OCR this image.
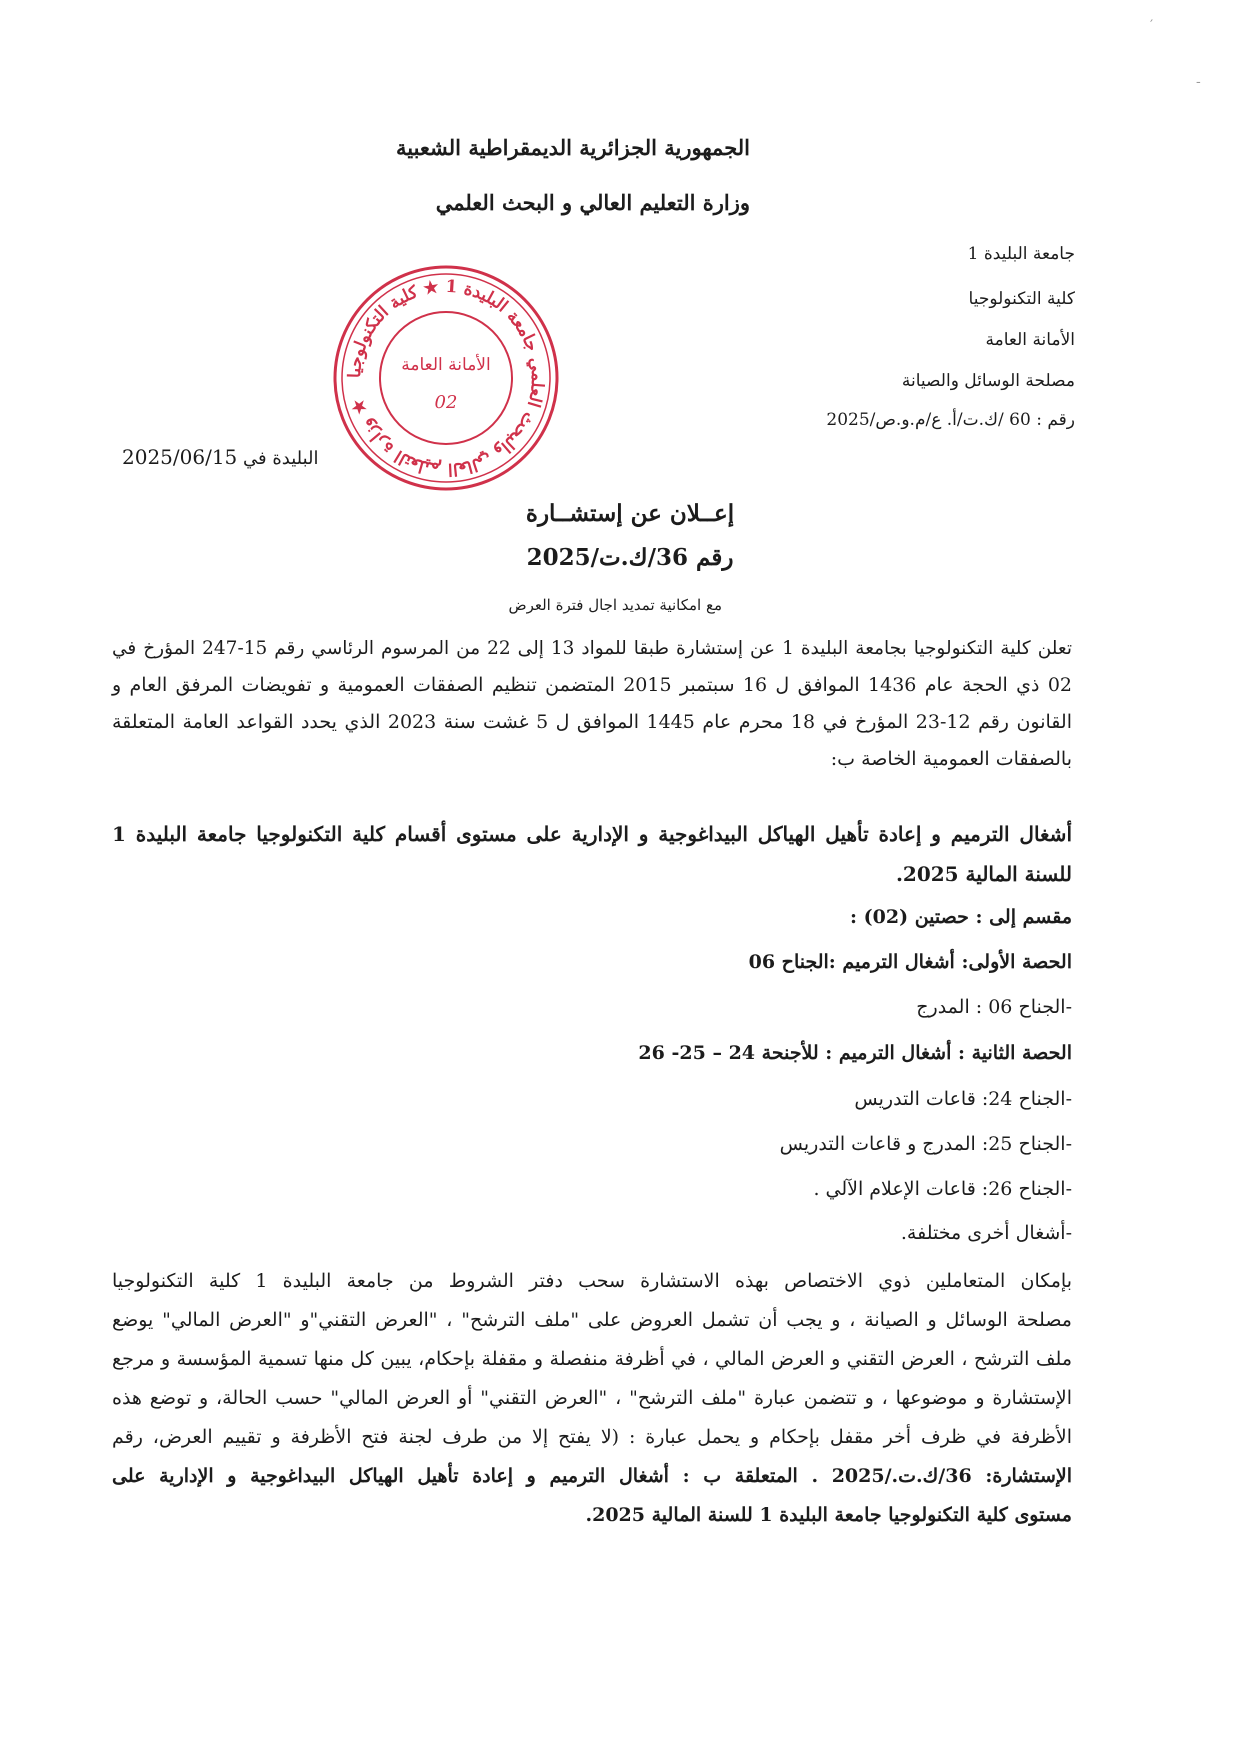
′
-
الجمهورية الجزائرية الديمقراطية الشعبية
وزارة التعليم العالي و البحث العلمي
جامعة البليدة 1
كلية التكنولوجيا
الأمانة العامة
مصلحة الوسائل والصيانة
رقم : 60 /ك.ت/أ. ع/م.و.ص/2025
البليدة في 2025/06/15
وزارة التعليم العالي والبحث العلمي جامعة البليدة 1 ★ كلية التكنولوجيا ★
الأمانة العامة
02
إعــلان عن إستشــارة
رقم 36/ك.ت/2025
مع امكانية تمديد اجال فترة العرض
تعلن كلية التكنولوجيا بجامعة البليدة 1 عن إستشارة طبقا للمواد 13 إلى 22 من المرسوم الرئاسي رقم 15-247 المؤرخ في
02 ذي الحجة عام 1436 الموافق ل 16 سبتمبر 2015 المتضمن تنظيم الصفقات العمومية و تفويضات المرفق العام و
القانون رقم 12-23 المؤرخ في 18 محرم عام 1445 الموافق ل 5 غشت سنة 2023 الذي يحدد القواعد العامة المتعلقة
بالصفقات العمومية الخاصة ب:
أشغال الترميم و إعادة تأهيل الهياكل البيداغوجية و الإدارية على مستوى أقسام كلية التكنولوجيا جامعة البليدة 1
للسنة المالية 2025.
مقسم إلى : حصتين (02) :
الحصة الأولى: أشغال الترميم :الجناح 06
-الجناح 06 : المدرج
الحصة الثانية : أشغال الترميم : للأجنحة 24 – 25- 26
-الجناح 24: قاعات التدريس
-الجناح 25: المدرج و قاعات التدريس
-الجناح 26: قاعات الإعلام الآلي .
-أشغال أخرى مختلفة.
بإمكان المتعاملين ذوي الاختصاص بهذه الاستشارة سحب دفتر الشروط من جامعة البليدة 1 كلية التكنولوجيا
مصلحة الوسائل و الصيانة ، و يجب أن تشمل العروض على "ملف الترشح" ، "العرض التقني"و "العرض المالي" يوضع
ملف الترشح ، العرض التقني و العرض المالي ، في أظرفة منفصلة و مقفلة بإحكام، يبين كل منها تسمية المؤسسة و مرجع
الإستشارة و موضوعها ، و تتضمن عبارة "ملف الترشح" ، "العرض التقني" أو العرض المالي" حسب الحالة، و توضع هذه
الأظرفة في ظرف أخر مقفل بإحكام و يحمل عبارة : (لا يفتح إلا من طرف لجنة فتح الأظرفة و تقييم العرض، رقم
الإستشارة: 36/ك.ت./2025 . المتعلقة ب : أشغال الترميم و إعادة تأهيل الهياكل البيداغوجية و الإدارية على
مستوى كلية التكنولوجيا جامعة البليدة 1 للسنة المالية 2025.
